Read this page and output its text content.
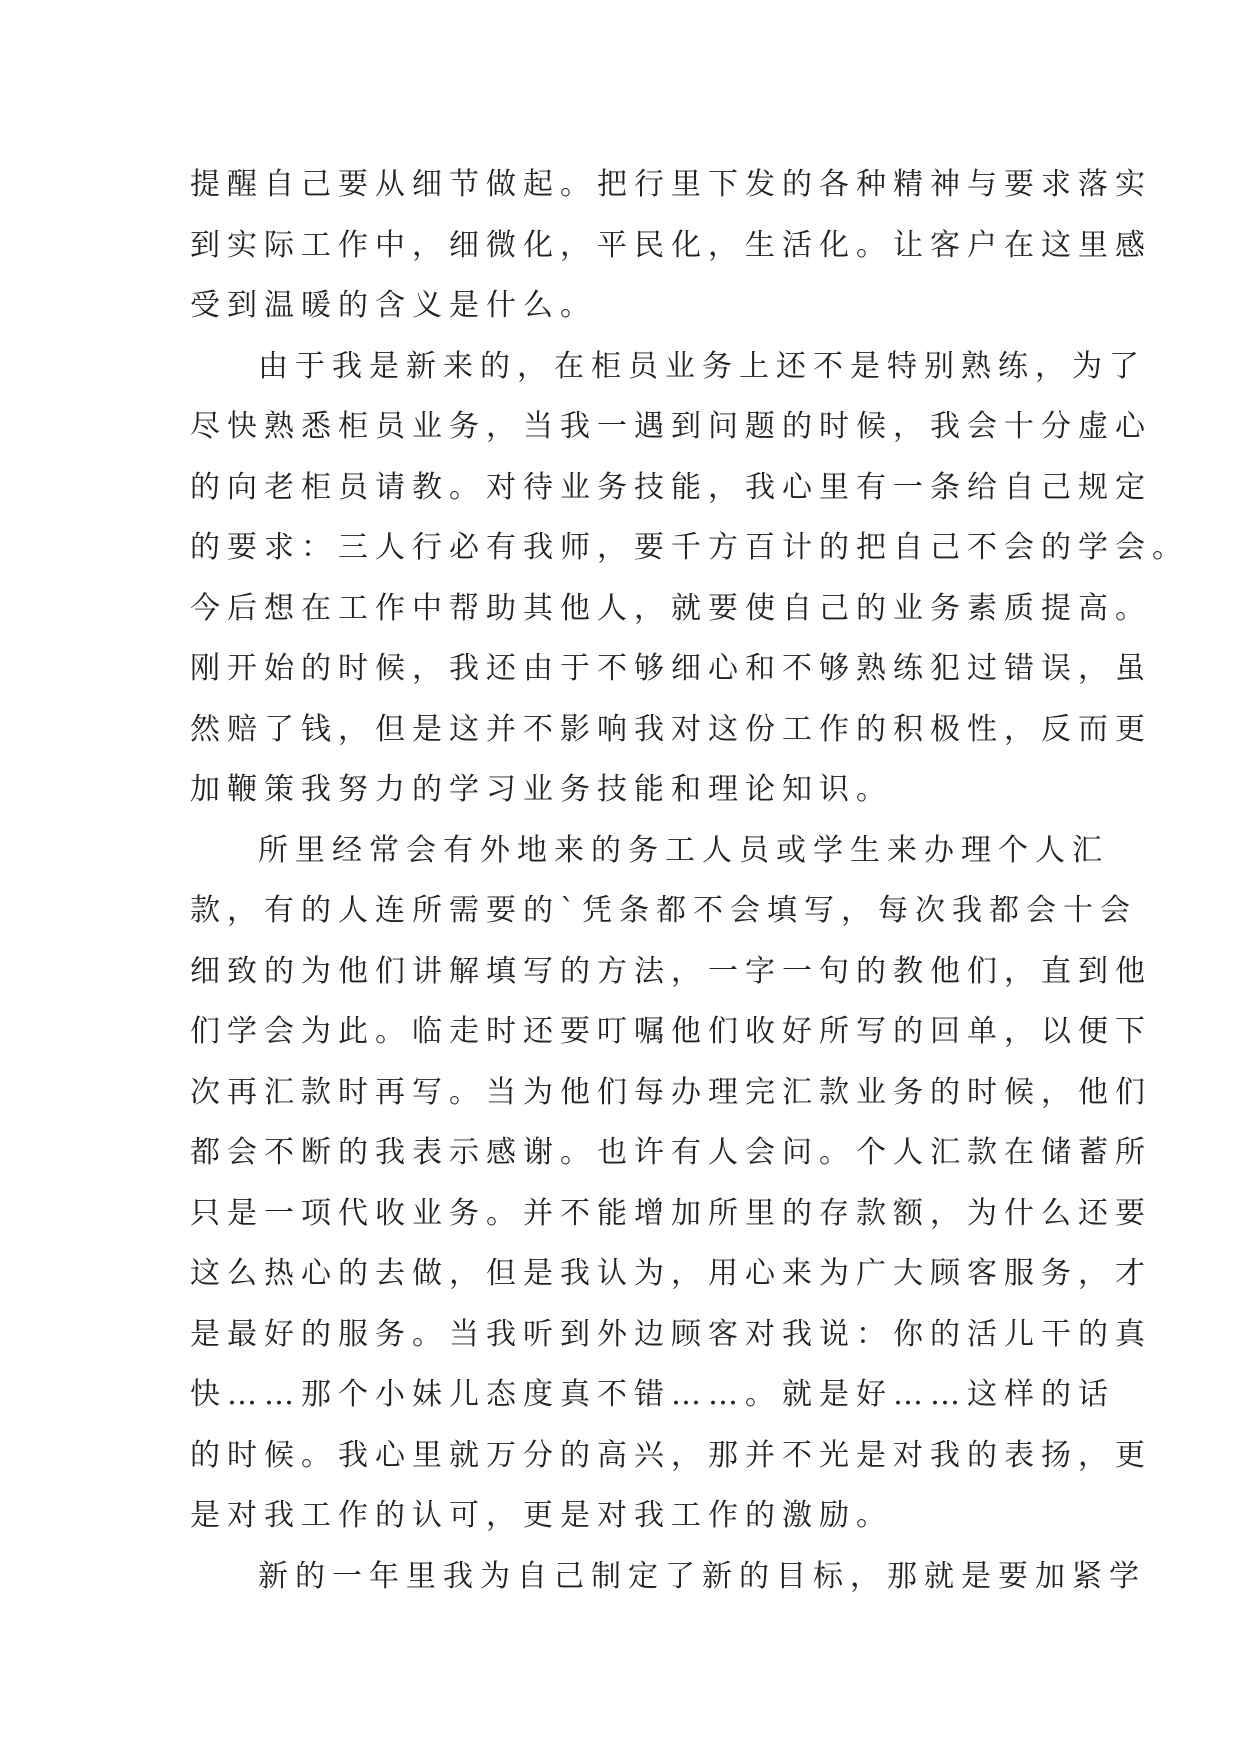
提醒自己要从细节做起。把行里下发的各种精神与要求落实
到实际工作中，细微化，平民化，生活化。让客户在这里感
受到温暖的含义是什么。
由于我是新来的，在柜员业务上还不是特别熟练，为了
尽快熟悉柜员业务，当我一遇到问题的时候，我会十分虚心
的向老柜员请教。对待业务技能，我心里有一条给自己规定
的要求：三人行必有我师，要千方百计的把自己不会的学会。
今后想在工作中帮助其他人，就要使自己的业务素质提高。
刚开始的时候，我还由于不够细心和不够熟练犯过错误，虽
然赔了钱，但是这并不影响我对这份工作的积极性，反而更
加鞭策我努力的学习业务技能和理论知识。
所里经常会有外地来的务工人员或学生来办理个人汇
款，有的人连所需要的`凭条都不会填写，每次我都会十会
细致的为他们讲解填写的方法，一字一句的教他们，直到他
们学会为此。临走时还要叮嘱他们收好所写的回单，以便下
次再汇款时再写。当为他们每办理完汇款业务的时候，他们
都会不断的我表示感谢。也许有人会问。个人汇款在储蓄所
只是一项代收业务。并不能增加所里的存款额，为什么还要
这么热心的去做，但是我认为，用心来为广大顾客服务，才
是最好的服务。当我听到外边顾客对我说：你的活儿干的真
快……那个小妹儿态度真不错……。就是好……这样的话
的时候。我心里就万分的高兴，那并不光是对我的表扬，更
是对我工作的认可，更是对我工作的激励。
新的一年里我为自己制定了新的目标，那就是要加紧学
